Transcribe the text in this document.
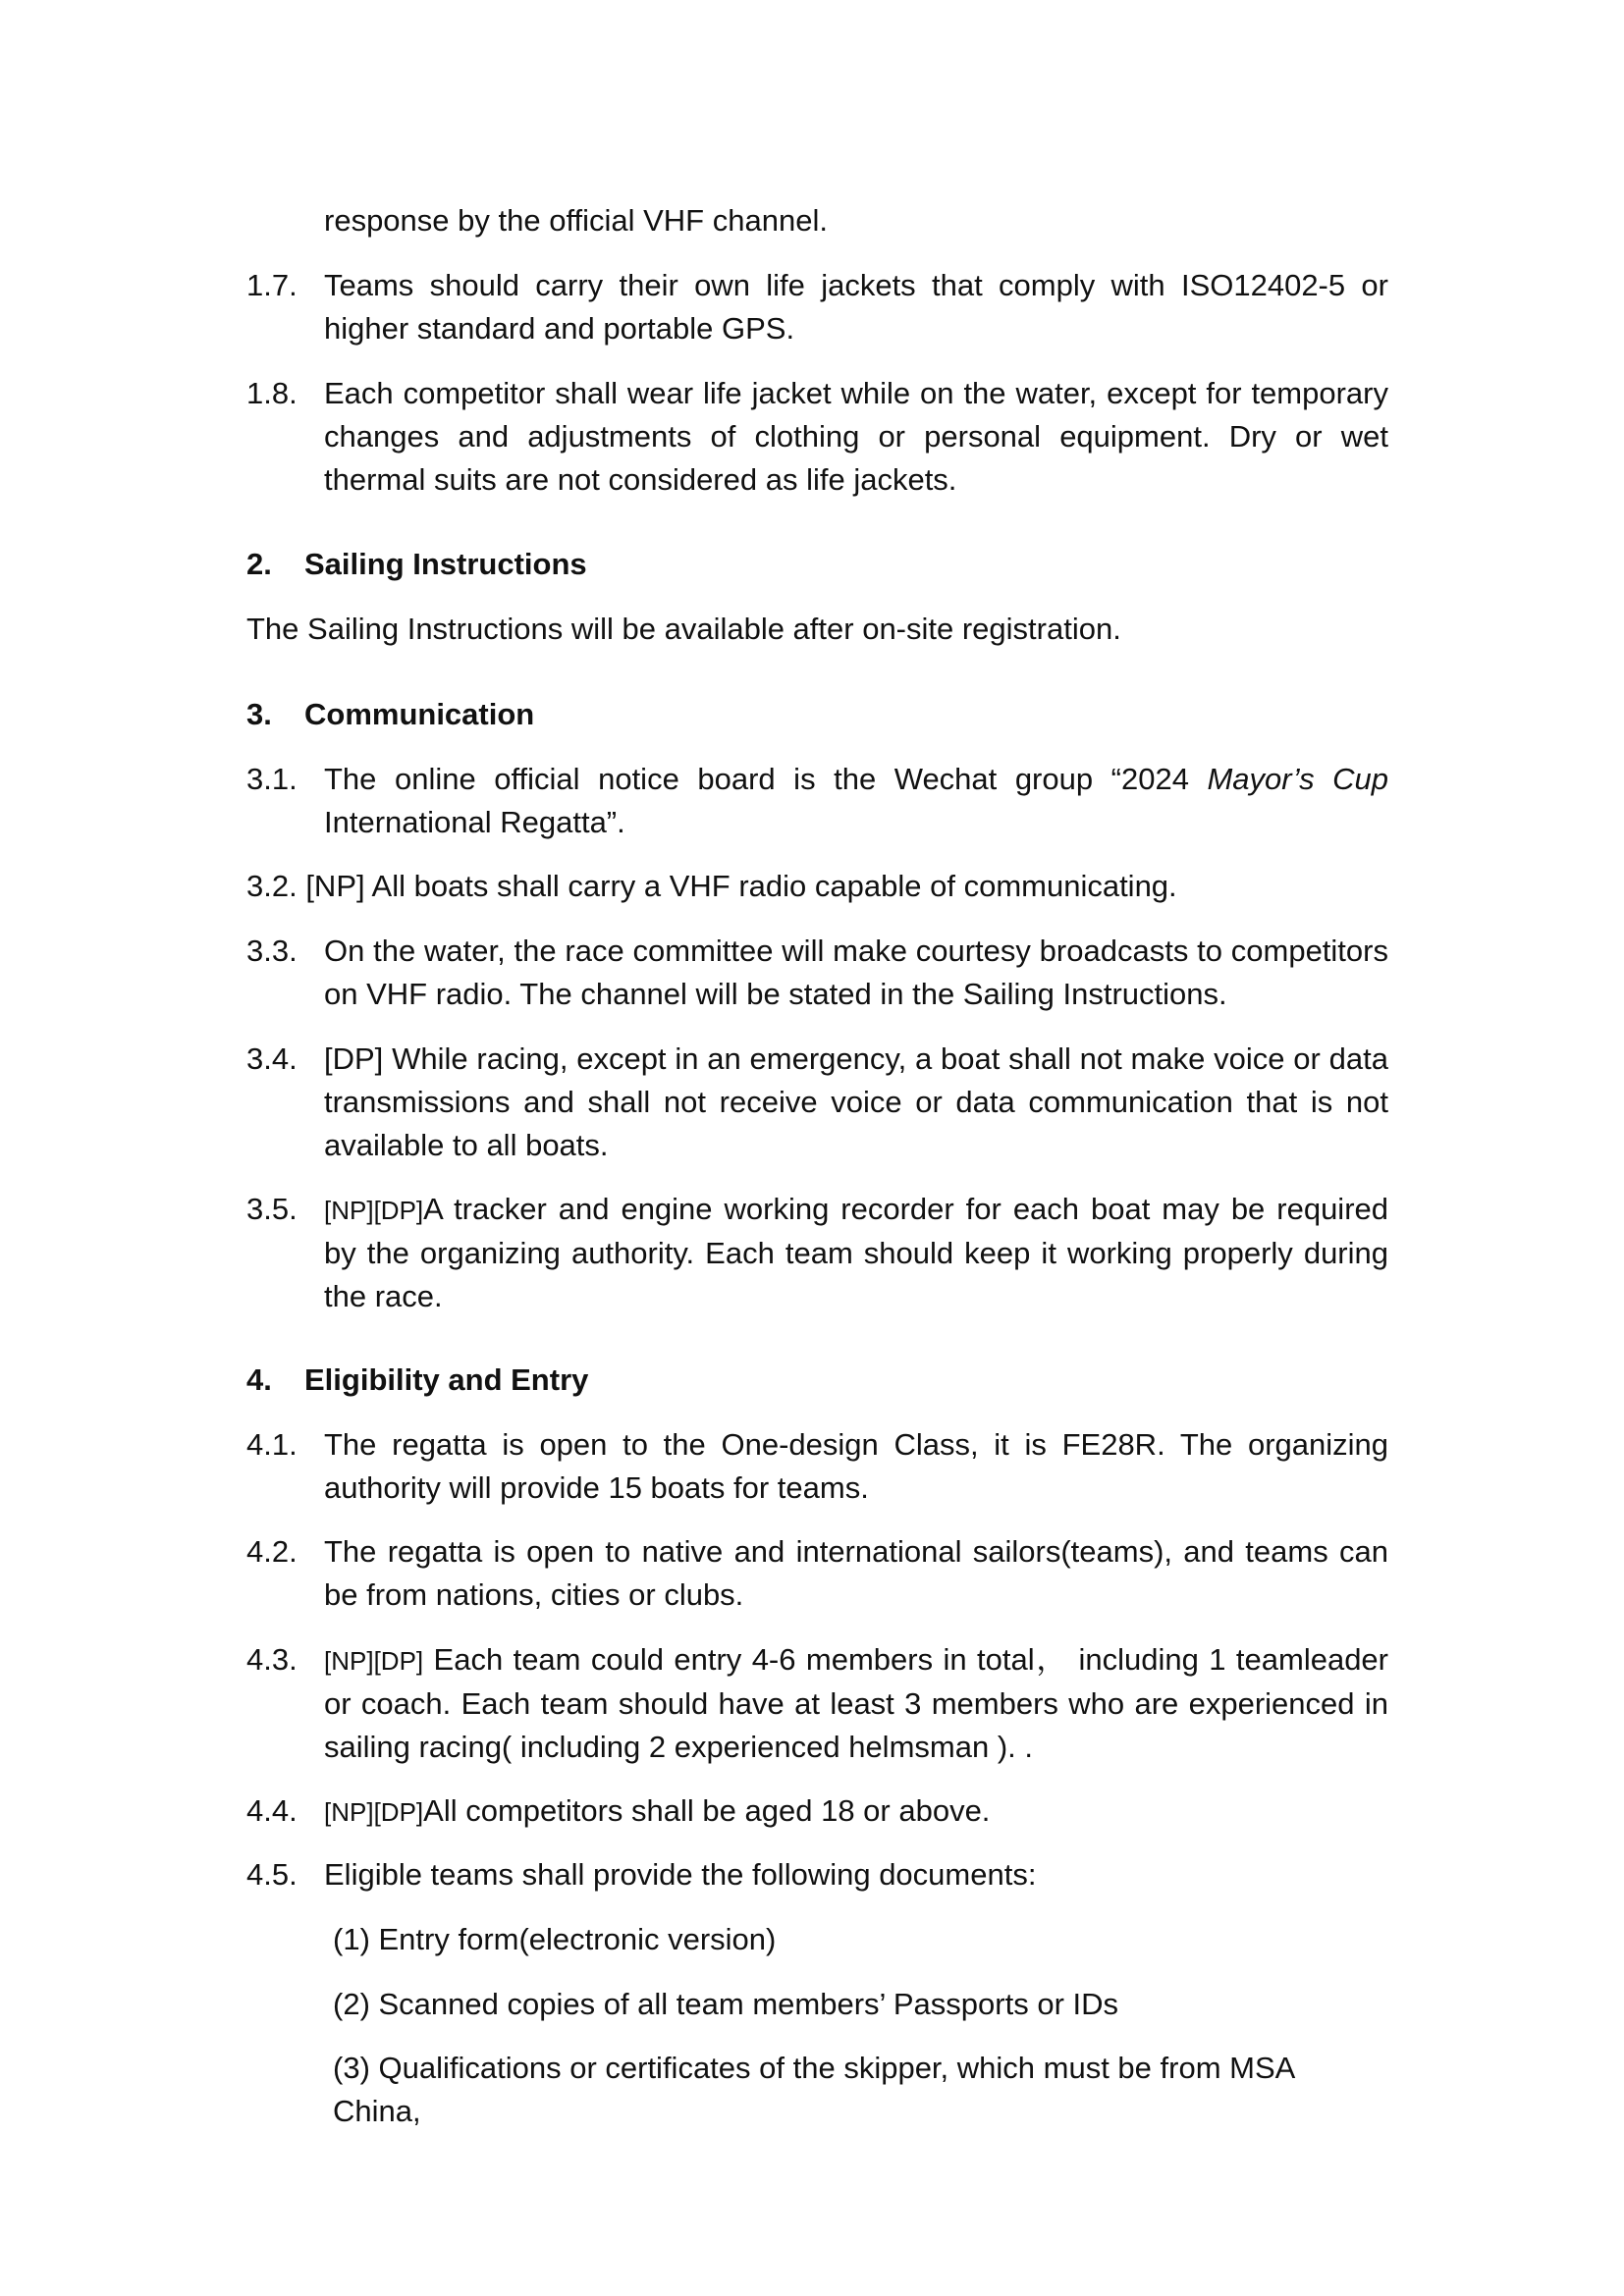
response by the official VHF channel.
1.7. Teams should carry their own life jackets that comply with ISO12402-5 or higher standard and portable GPS.
1.8. Each competitor shall wear life jacket while on the water, except for temporary changes and adjustments of clothing or personal equipment. Dry or wet thermal suits are not considered as life jackets.
2. Sailing Instructions
The Sailing Instructions will be available after on-site registration.
3. Communication
3.1. The online official notice board is the Wechat group “2024 Mayor’s Cup International Regatta”.
3.2. [NP] All boats shall carry a VHF radio capable of communicating.
3.3. On the water, the race committee will make courtesy broadcasts to competitors on VHF radio. The channel will be stated in the Sailing Instructions.
3.4. [DP] While racing, except in an emergency, a boat shall not make voice or data transmissions and shall not receive voice or data communication that is not available to all boats.
3.5. [NP][DP]A tracker and engine working recorder for each boat may be required by the organizing authority. Each team should keep it working properly during the race.
4. Eligibility and Entry
4.1. The regatta is open to the One-design Class, it is FE28R. The organizing authority will provide 15 boats for teams.
4.2. The regatta is open to native and international sailors(teams), and teams can be from nations, cities or clubs.
4.3. [NP][DP] Each team could entry 4-6 members in total， including 1 teamleader or coach. Each team should have at least 3 members who are experienced in sailing racing( including 2 experienced helmsman ). .
4.4. [NP][DP]All competitors shall be aged 18 or above.
4.5. Eligible teams shall provide the following documents:
(1) Entry form(electronic version)
(2) Scanned copies of all team members’ Passports or IDs
(3) Qualifications or certificates of the skipper, which must be from MSA China,
